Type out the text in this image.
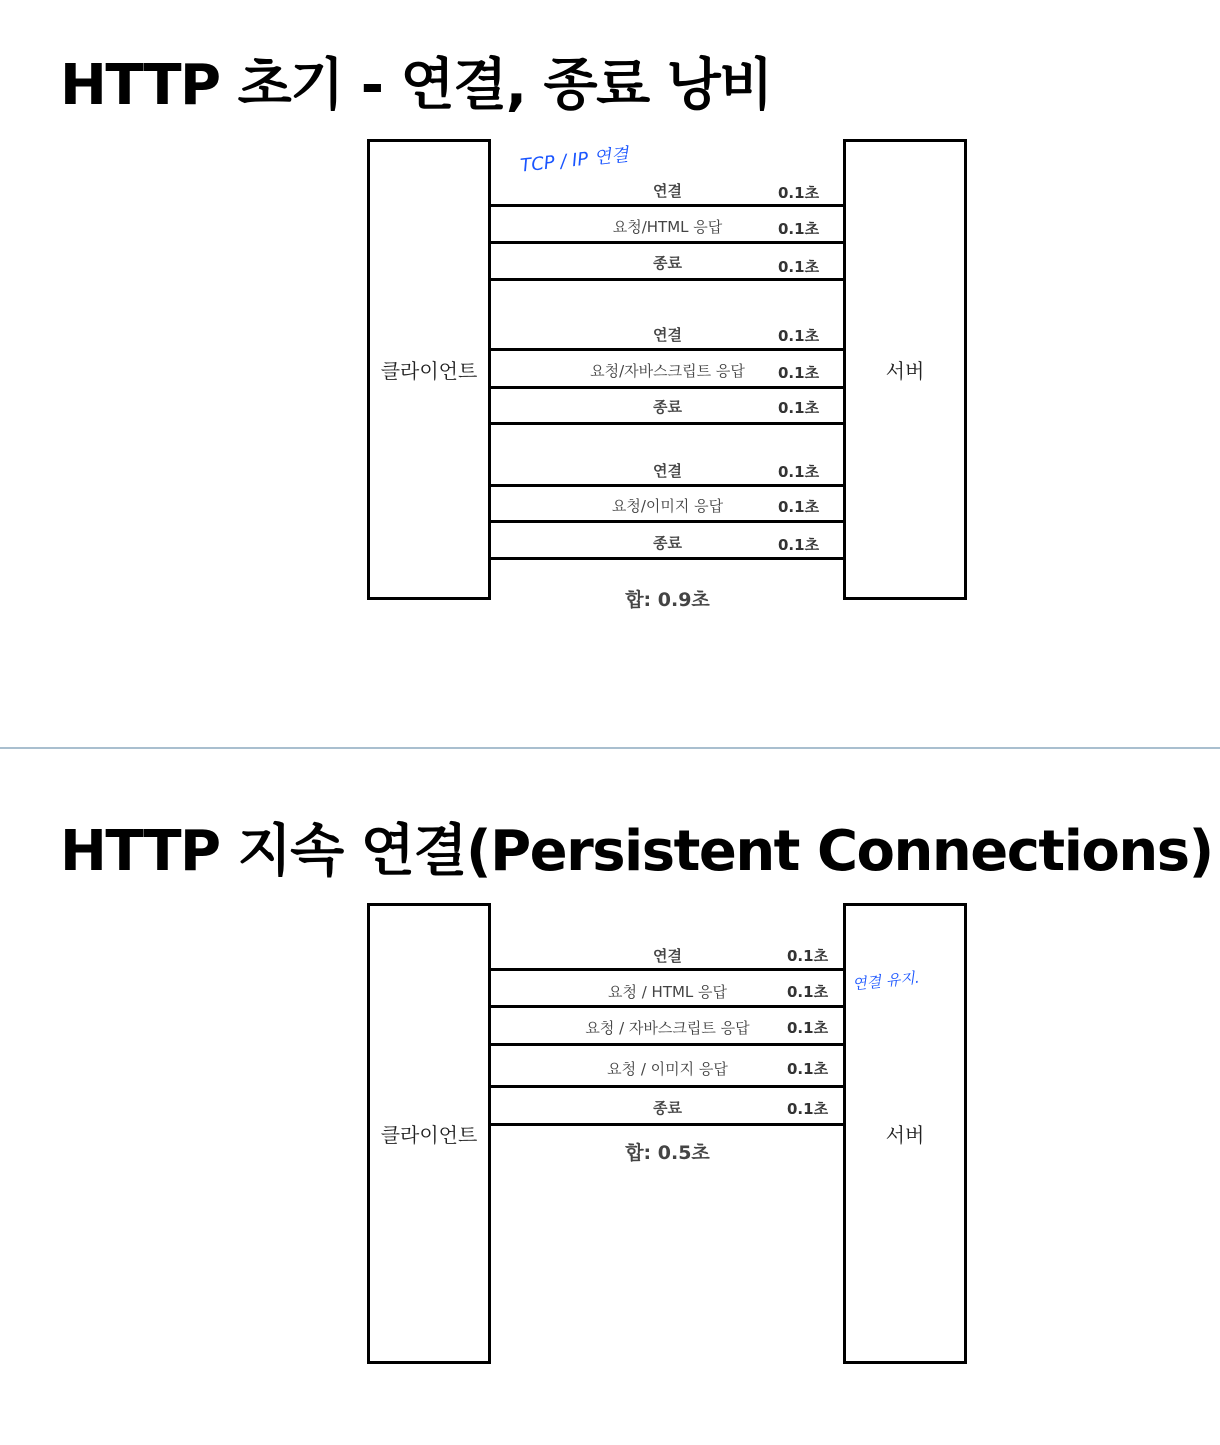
HTTP 초기 - 연결, 종료 낭비
클라이언트	서버
TCP / IP 연결
연결
요청/HTML 응답
종료
연결
요청/자바스크립트 응답
종료
연결
요청/이미지 응답
종료
0.1초
0.1초
0.1초
0.1초
0.1초
0.1초
0.1초
0.1초
0.1초
합: 0.9초
HTTP 지속 연결(Persistent Connections)
클라이언트	서버
연결 유지.
연결
요청 / HTML 응답
요청 / 자바스크립트 응답
요청 / 이미지 응답
종료
0.1초
0.1초
0.1초
0.1초
0.1초
합: 0.5초
